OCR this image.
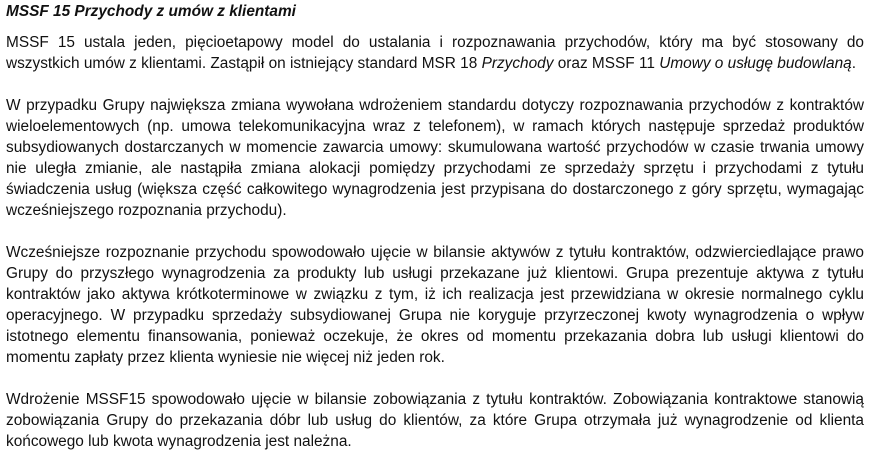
MSSF 15 Przychody z umów z klientami

MSSF 15 ustala jeden, pięcioetapowy model do ustalania i rozpoznawania przychodów, który ma być stosowany do wszystkich umów z klientami. Zastąpił on istniejący standard MSR 18 Przychody oraz MSSF 11 Umowy o usługę budowlaną.

W przypadku Grupy największa zmiana wywołana wdrożeniem standardu dotyczy rozpoznawania przychodów z kontraktów wieloelementowych (np. umowa telekomunikacyjna wraz z telefonem), w ramach których następuje sprzedaż produktów subsydiowanych dostarczanych w momencie zawarcia umowy: skumulowana wartość przychodów w czasie trwania umowy nie uległa zmianie, ale nastąpiła zmiana alokacji pomiędzy przychodami ze sprzedaży sprzętu i przychodami z tytułu świadczenia usług (większa część całkowitego wynagrodzenia jest przypisana do dostarczonego z góry sprzętu, wymagając wcześniejszego rozpoznania przychodu).

Wcześniejsze rozpoznanie przychodu spowodowało ujęcie w bilansie aktywów z tytułu kontraktów, odzwierciedlające prawo Grupy do przyszłego wynagrodzenia za produkty lub usługi przekazane już klientowi. Grupa prezentuje aktywa z tytułu kontraktów jako aktywa krótkoterminowe w związku z tym, iż ich realizacja jest przewidziana w okresie normalnego cyklu operacyjnego. W przypadku sprzedaży subsydiowanej Grupa nie koryguje przyrzeczonej kwoty wynagrodzenia o wpływ istotnego elementu finansowania, ponieważ oczekuje, że okres od momentu przekazania dobra lub usługi klientowi do momentu zapłaty przez klienta wyniesie nie więcej niż jeden rok.

Wdrożenie MSSF15 spowodowało ujęcie w bilansie zobowiązania z tytułu kontraktów. Zobowiązania kontraktowe stanowią zobowiązania Grupy do przekazania dóbr lub usług do klientów, za które Grupa otrzymała już wynagrodzenie od klienta końcowego lub kwota wynagrodzenia jest należna.
